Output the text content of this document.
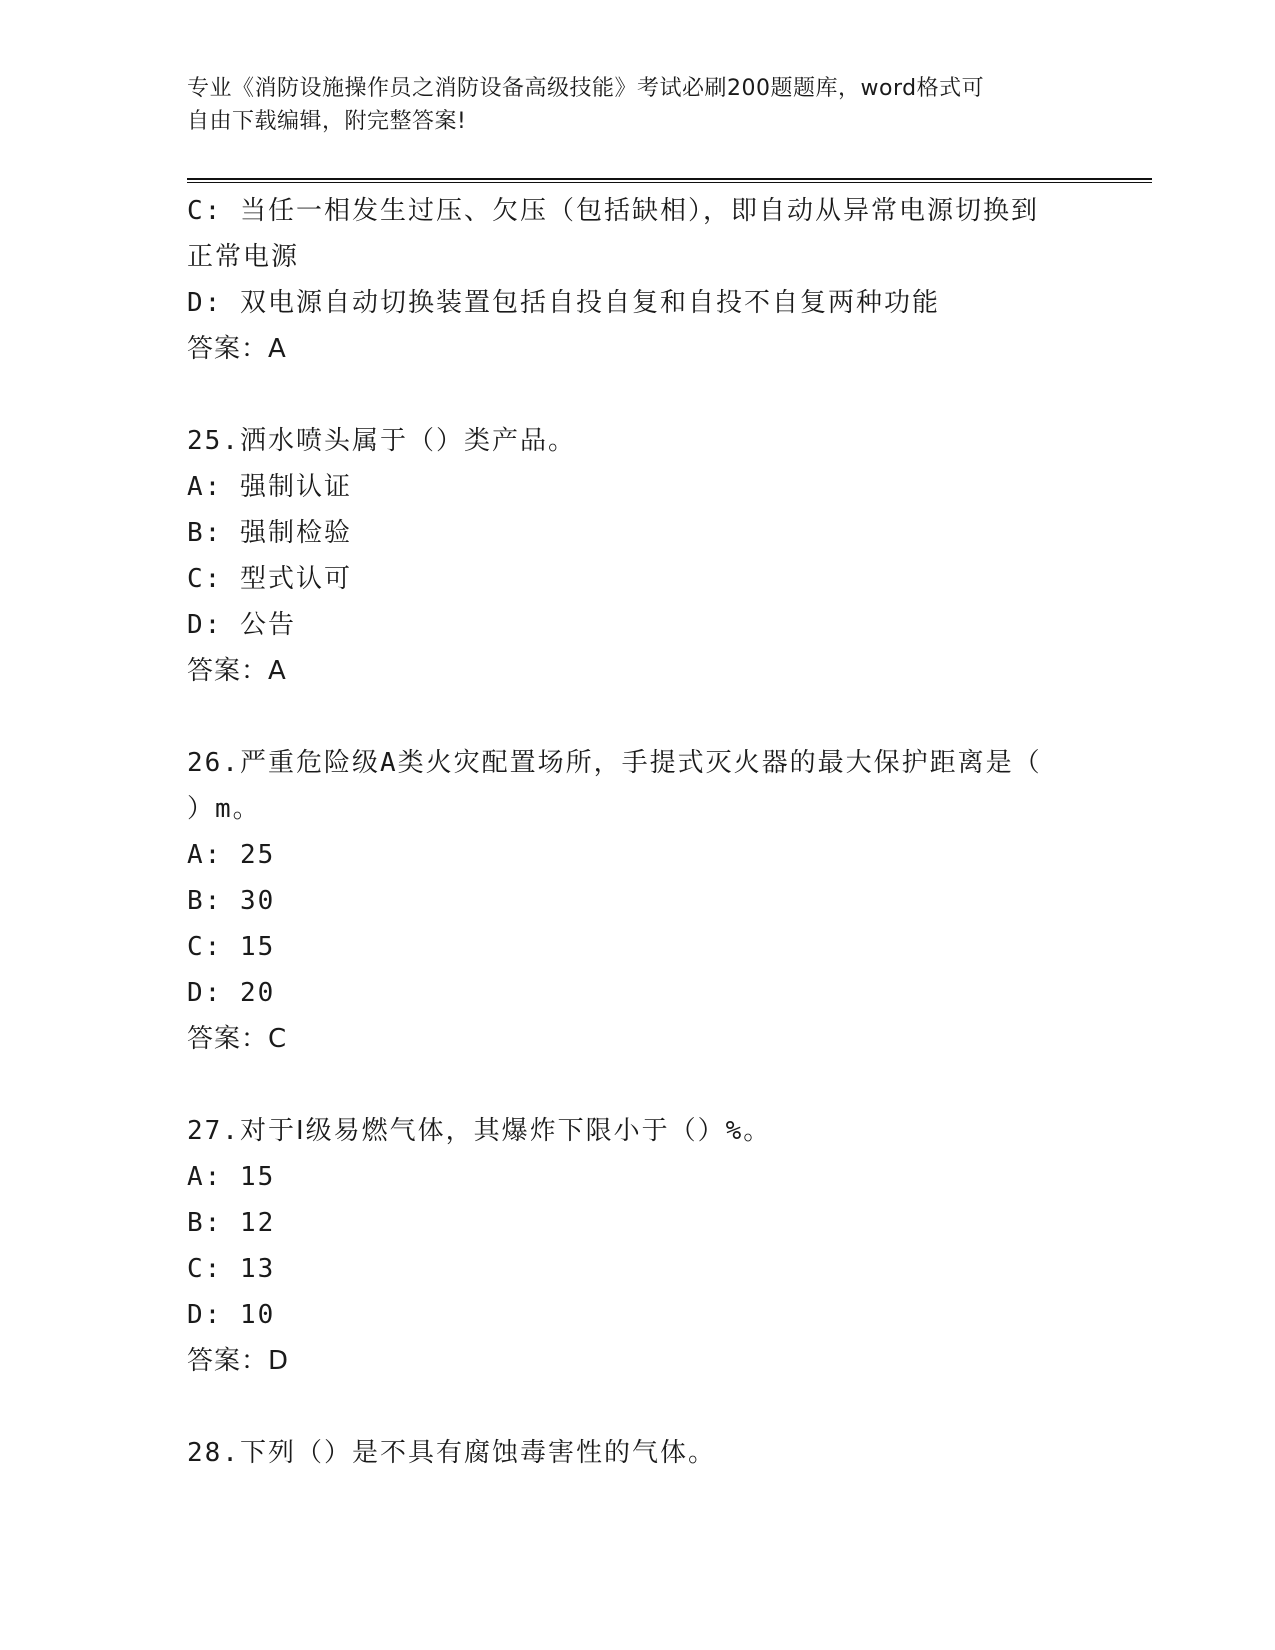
专业《消防设施操作员之消防设备高级技能》考试必刷200题题库，word格式可
自由下载编辑，附完整答案!
C: 当任一相发生过压、欠压（包括缺相），即自动从异常电源切换到
正常电源
D: 双电源自动切换装置包括自投自复和自投不自复两种功能
答案：A
25.洒水喷头属于（）类产品。
A: 强制认证
B: 强制检验
C: 型式认可
D: 公告
答案：A
26.严重危险级A类火灾配置场所，手提式灭火器的最大保护距离是（
）m。
A: 25
B: 30
C: 15
D: 20
答案：C
27.对于Ⅰ级易燃气体，其爆炸下限小于（）%。
A: 15
B: 12
C: 13
D: 10
答案：D
28.下列（）是不具有腐蚀毒害性的气体。
